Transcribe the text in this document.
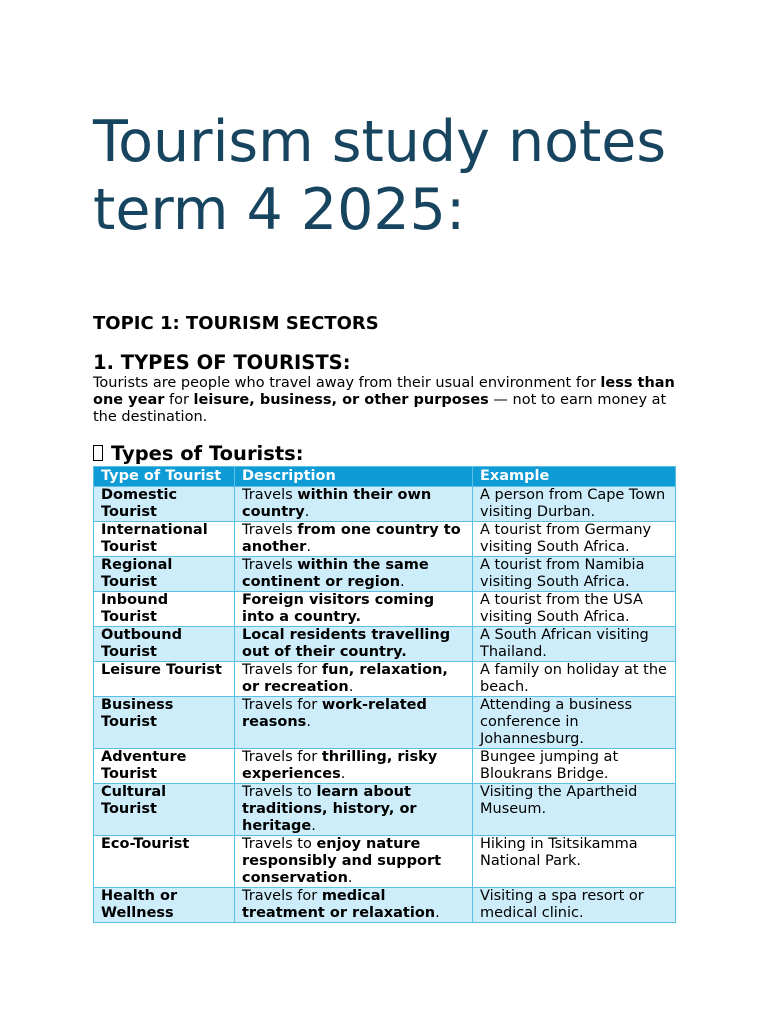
Tourism study notes term 4 2025:
TOPIC 1: TOURISM SECTORS
1. TYPES OF TOURISTS:

Tourists are people who travel away from their usual environment for less than one year for leisure, business, or other purposes — not to earn money at the destination.

Types of Tourists:
Type of Tourist	Description	Example
Domestic Tourist	Travels within their own country.	A person from Cape Town visiting Durban.
International Tourist	Travels from one country to another.	A tourist from Germany visiting South Africa.
Regional Tourist	Travels within the same continent or region.	A tourist from Namibia visiting South Africa.
Inbound Tourist	Foreign visitors coming into a country.	A tourist from the USA visiting South Africa.
Outbound Tourist	Local residents travelling out of their country.	A South African visiting Thailand.
Leisure Tourist	Travels for fun, relaxation, or recreation.	A family on holiday at the beach.
Business Tourist	Travels for work-related reasons.	Attending a business conference in Johannesburg.
Adventure Tourist	Travels for thrilling, risky experiences.	Bungee jumping at Bloukrans Bridge.
Cultural Tourist	Travels to learn about traditions, history, or heritage.	Visiting the Apartheid Museum.
Eco-Tourist	Travels to enjoy nature responsibly and support conservation.	Hiking in Tsitsikamma National Park.
Health or Wellness	Travels for medical treatment or relaxation.	Visiting a spa resort or medical clinic.
